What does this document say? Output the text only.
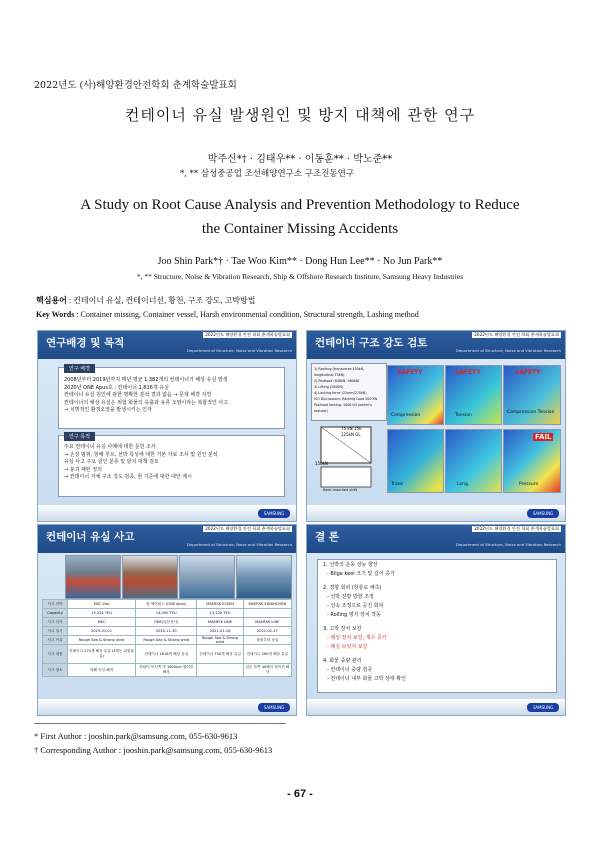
2022년도 (사)해양환경안전학회 춘계학술발표회
컨테이너 유실 발생원인 및 방지 대책에 관한 연구
박주신*† · 김태우** · 이동훈** · 박노준**
*, ** 삼성중공업 조선해양연구소 구조진동연구
A Study on Root Cause Analysis and Prevention Methodology to Reduce
the Container Missing Accidents
Joo Shin Park*† · Tae Woo Kim** · Dong Hun Lee** · No Jun Park**
*, ** Structure, Noise & Vibration Research, Ship & Offshore Research Institute, Samsung Heavy Industries
핵심용어 : 컨테이너 유실, 컨테이너선, 황천, 구조 강도, 고박방법
Key Words : Container missing, Container vessel, Harsh environmental condition, Structural strength, Lashing method
연구배경 및 목적
2022년도 해양환경 안전 학회 춘계학술발표회
Department of Structure, Noise and Vibration Research
연구 배경
2008년부터 2019년까지 매년 평균 1,382개의 컨테이너가 해상 유실 발생
2020년 ONE Apus호 : 컨테이너 1,816개 유실
컨테이너 유실 원인에 관한 명확한 분석 결과 없음 → 문제 해결 지연
컨테이너의 해상 유실은 위험 화물의 유출과 유류 오염이라는 복합적인 사고
→ 치명적인 환경오염을 발생시키는 인자
연구 목적
주요 컨테이너 유실 사례에 대한 문헌 조사
→ 손상 범위, 항해 루트, 선박 특성에 대한 기본 자료 조사 및 원인 분석
유실 사고 주요 원인 분류 및 방지 대책 검토
→ 붕괴 패턴 정의
→ 컨테이너 자체 구조 강도 검증, 현 기준에 대한 대안 제시
SAMSUNG
컨테이너 구조 강도 검토
2022년도 해양환경 안전 학회 춘계학술발표회
Department of Structure, Noise and Vibration Research
1) Racking (transverse:150kN, longitudinal 75kN)
2) Postload (848kN, 960kN)
3) Lifting (2000N)
4) Lashing force (22mm/270kN)
ISO Discussions: Racking Load 300 KN
Postload lashing: 1000 kN (owner's request)
75 kN 150
125kN GL
150kN
Rack mounted shift
SAFETY	SAFETY	SAFETY
Compression	Tension
Compression Tension
FAIL
Trans	Long.	Pressure
SAMSUNG
컨테이너 유실 사고
2022년도 해양환경 안전 학회 춘계학술발표회
Department of Structure, Noise and Vibration Research
사고 선박	MSC Zoe	원 에이퍼스 (ONE Apus)	MAERSK ESSEN	MAERSK EINDHOVEN
Capacity	19,224 TEU	14,000 TEU	13,220 TEU	
사고 선사	MSC	ONE(일본선사)	MAERSK LINE	MAERSK LINE
사고 일시	2019-01-01	2020-11-30	2021-01-16	2021-02-17
사고 이유	Rough Sea & Strong wind	Rough Sea & Strong wind	Rough Sea & Strong wind	복원추력 상실
사고 내용	컨테이너 270개 해상 유실 (3개는 위험물질)	컨테이너 1816개 해상 유실	컨테이너 750개 해상 유실	컨테이너 260개 해상 유실
사고 장소	북해 독일 해역	하와이 북서쪽 약 1600km 떨어진 해상		일본 북쪽 40해리 떨어진 해상
SAMSUNG
결 론
2022년도 해양환경 안전 학회 춘계학술발표회
Department of Structure, Noise and Vibration Research
1. 선박의 운동 상능 향상
- Bilge keel 크기 및 길이 증가
2. 경향 회피 (항통로 예측)
- 선박 전방 방향 조정
- 선속 조정으로 공진 회피
- Rolling 병지 장치 작동
3. 고박 장치 보강
- 래싱 장치 보강, 개수 증가
- 래싱 브릿지 보강
4. 화물 중량 관리
- 컨테이너 중량 검증
- 컨테이너 내부 화물 고박 상태 확인
SAMSUNG
* First Author : jooshin.park@samsung.com, 055-630-9613
† Corresponding Author : jooshin.park@samsung.com, 055-630-9613
- 67 -
